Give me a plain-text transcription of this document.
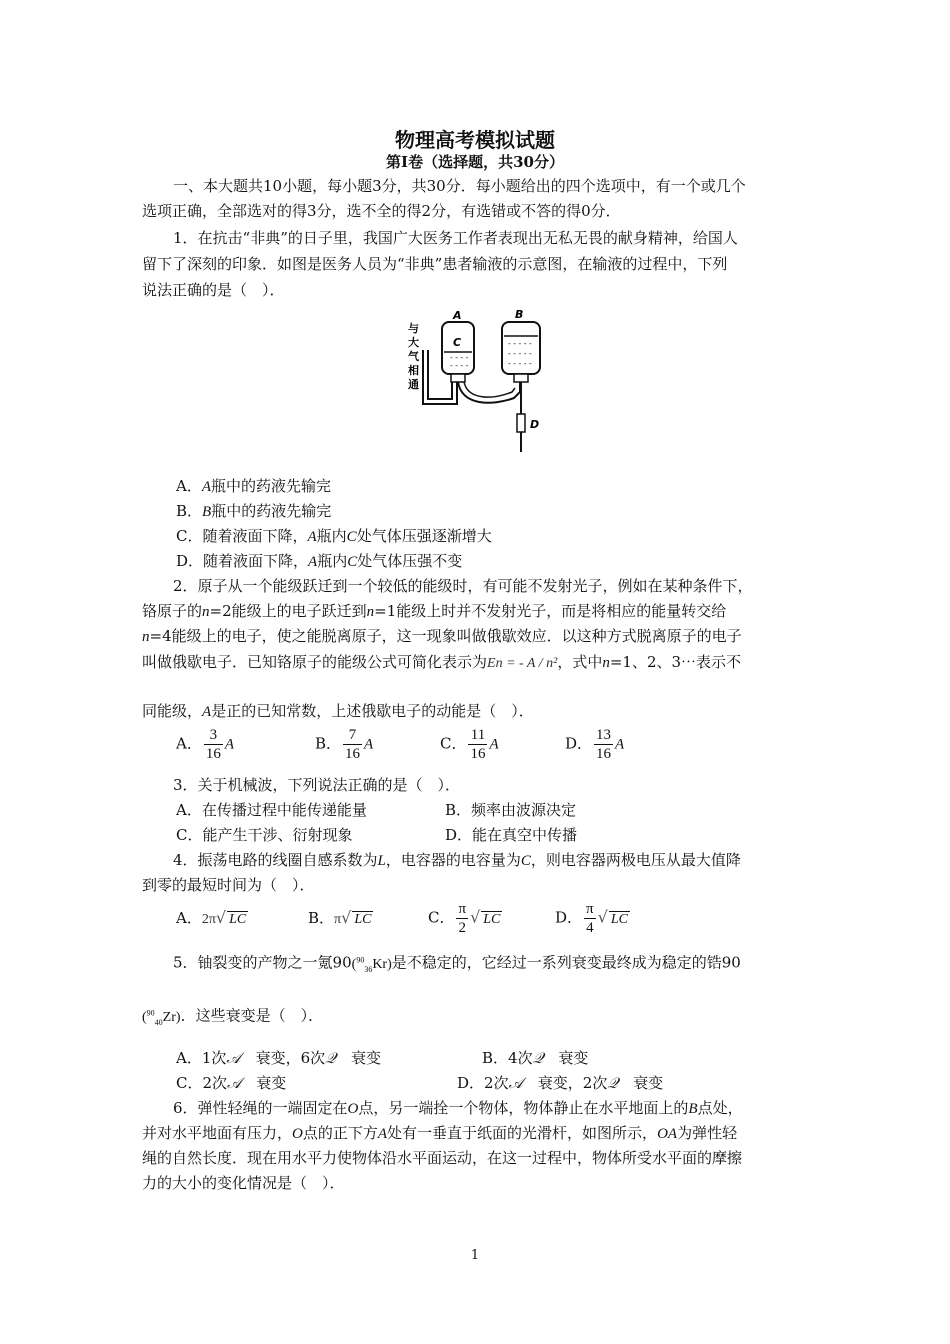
物理高考模拟试题
第Ⅰ卷（选择题，共30分）
一、本大题共10小题，每小题3分，共30分．每小题给出的四个选项中，有一个或几个
选项正确，全部选对的得3分，选不全的得2分，有选错或不答的得0分．
1．在抗击“非典”的日子里，我国广大医务工作者表现出无私无畏的献身精神，给国人
留下了深刻的印象．如图是医务人员为“非典”患者输液的示意图，在输液的过程中，下列
说法正确的是（　）．
与
大
气
相
通
- - - -
- - - -
A
C	- - - - -
- - - - -
- - - - -
B
D
A．A瓶中的药液先输完
B．B瓶中的药液先输完
C．随着液面下降，A瓶内C处气体压强逐渐增大
D．随着液面下降，A瓶内C处气体压强不变
2．原子从一个能级跃迁到一个较低的能级时，有可能不发射光子，例如在某种条件下，
铬原子的n=2能级上的电子跃迁到n=1能级上时并不发射光子，而是将相应的能量转交给
n=4能级上的电子，使之能脱离原子，这一现象叫做俄歇效应．以这种方式脱离原子的电子
叫做俄歇电子．已知铬原子的能级公式可简化表示为En = - A / n²，式中n=1、2、3⋯表示不
同能级，A是正的已知常数，上述俄歇电子的动能是（　）．
A． $\frac{3}{16}$ A	B． $\frac{7}{16}$ A	C． $\frac{11}{16}$ A	D． $\frac{13}{16}$ A
3．关于机械波，下列说法正确的是（　）．
A．在传播过程中能传递能量	B．频率由波源决定
C．能产生干涉、衍射现象	D．能在真空中传播
4．振荡电路的线圈自感系数为L，电容器的电容量为C，则电容器两极电压从最大值降
到零的最短时间为（　）．
A．2π√ LC	B．π√ LC	C． $\frac{\pi}{2}$ √ LC	D． $\frac{\pi}{4}$ √ LC
5．铀裂变的产物之一氪90($^{90}_{36}$Kr)是不稳定的，它经过一系列衰变最终成为稳定的锆90
($^{90}_{40}$Zr)．这些衰变是（　）．
A．1次𝒜　 衰变，6次𝒬　 衰变	B．4次𝒬　 衰变
C．2次𝒜　 衰变	D．2次𝒜　 衰变，2次𝒬　 衰变
6．弹性轻绳的一端固定在O点，另一端拴一个物体，物体静止在水平地面上的B点处，
并对水平地面有压力，O点的正下方A处有一垂直于纸面的光滑杆，如图所示，OA为弹性轻
绳的自然长度．现在用水平力使物体沿水平面运动，在这一过程中，物体所受水平面的摩擦
力的大小的变化情况是（　）．
1
